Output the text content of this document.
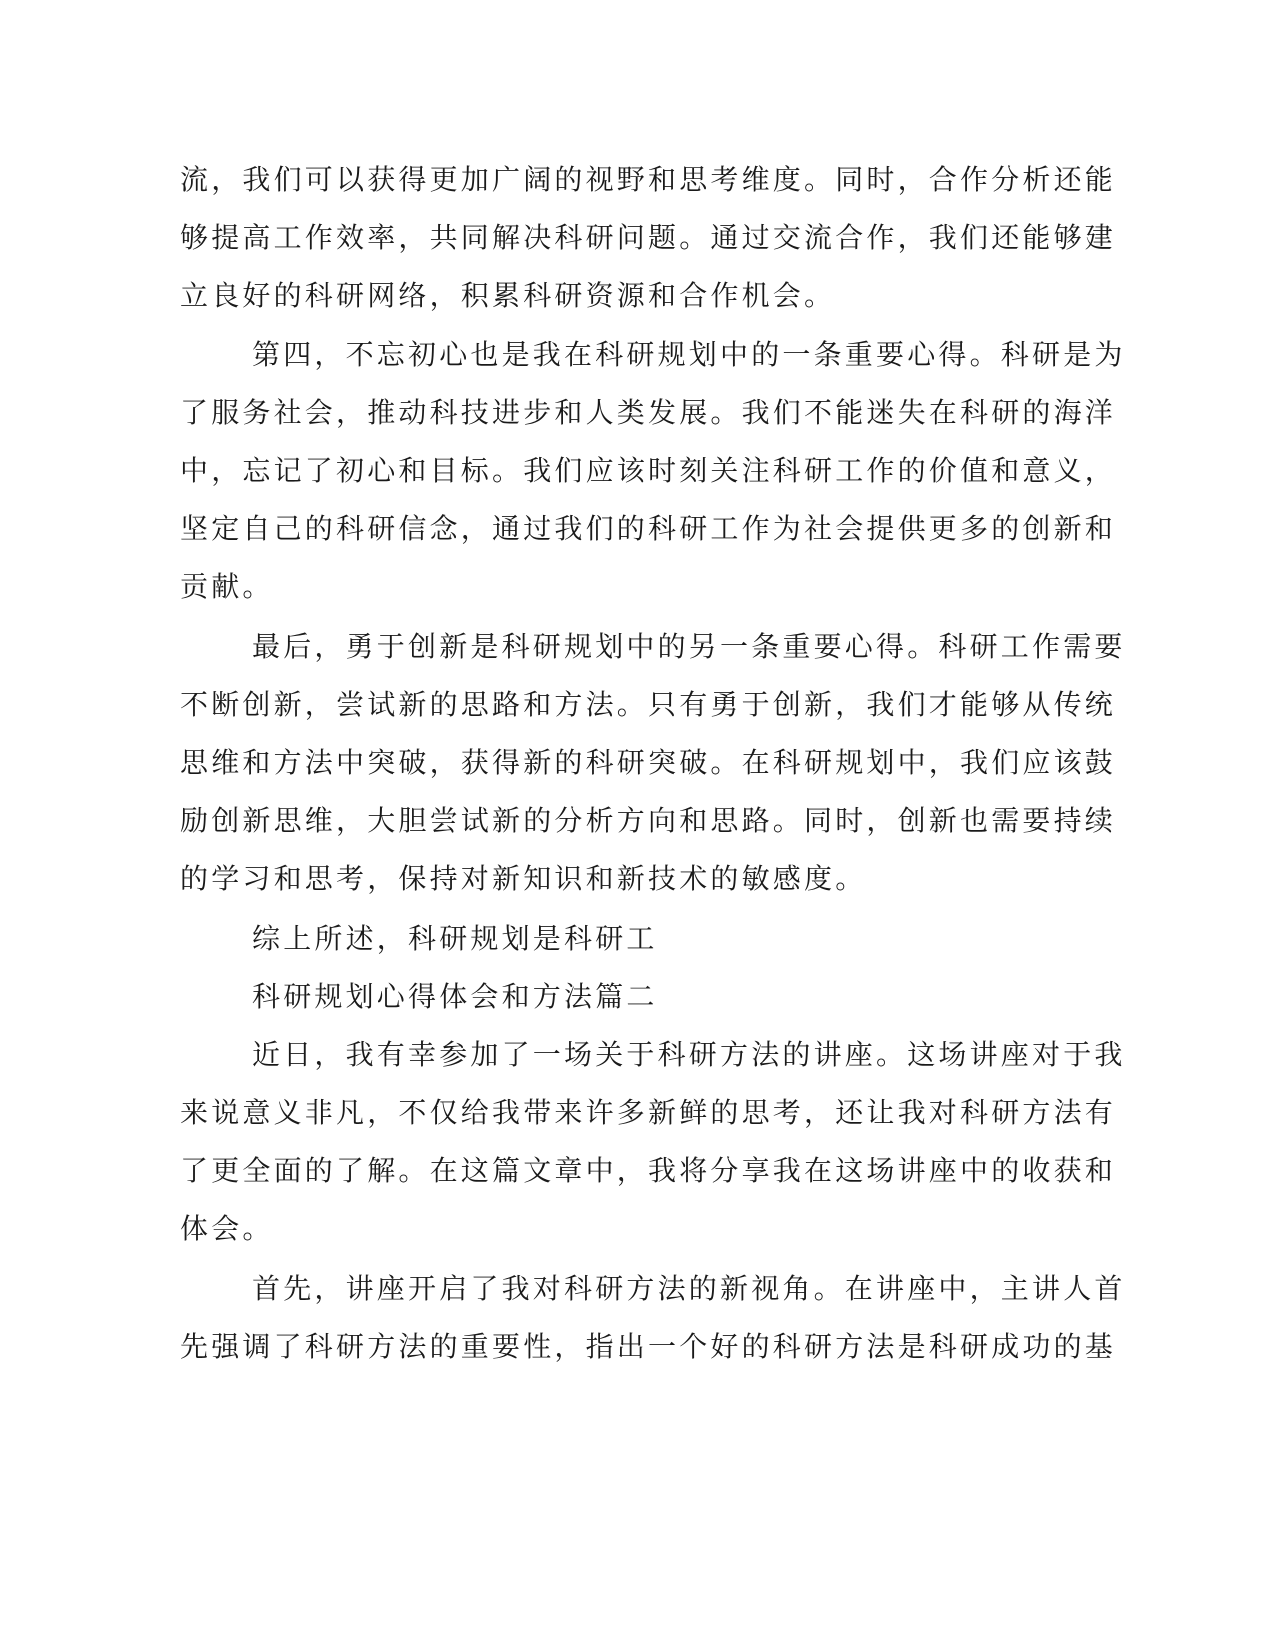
流，我们可以获得更加广阔的视野和思考维度。同时，合作分析还能
够提高工作效率，共同解决科研问题。通过交流合作，我们还能够建
立良好的科研网络，积累科研资源和合作机会。
第四，不忘初心也是我在科研规划中的一条重要心得。科研是为
了服务社会，推动科技进步和人类发展。我们不能迷失在科研的海洋
中，忘记了初心和目标。我们应该时刻关注科研工作的价值和意义，
坚定自己的科研信念，通过我们的科研工作为社会提供更多的创新和
贡献。
最后，勇于创新是科研规划中的另一条重要心得。科研工作需要
不断创新，尝试新的思路和方法。只有勇于创新，我们才能够从传统
思维和方法中突破，获得新的科研突破。在科研规划中，我们应该鼓
励创新思维，大胆尝试新的分析方向和思路。同时，创新也需要持续
的学习和思考，保持对新知识和新技术的敏感度。
综上所述，科研规划是科研工
科研规划心得体会和方法篇二
近日，我有幸参加了一场关于科研方法的讲座。这场讲座对于我
来说意义非凡，不仅给我带来许多新鲜的思考，还让我对科研方法有
了更全面的了解。在这篇文章中，我将分享我在这场讲座中的收获和
体会。
首先，讲座开启了我对科研方法的新视角。在讲座中，主讲人首
先强调了科研方法的重要性，指出一个好的科研方法是科研成功的基
